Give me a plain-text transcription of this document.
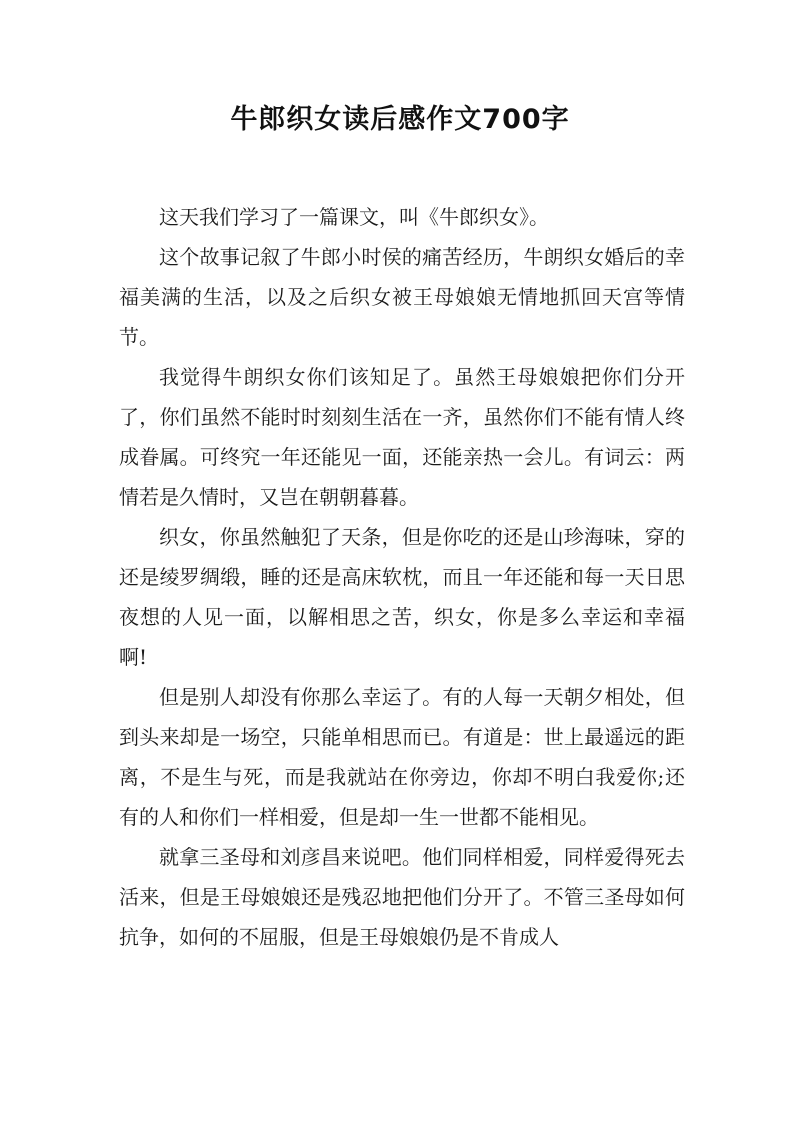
牛郎织女读后感作文700字

这天我们学习了一篇课文，叫《牛郎织女》。

这个故事记叙了牛郎小时侯的痛苦经历，牛朗织女婚后的幸福美满的生活，以及之后织女被王母娘娘无情地抓回天宫等情节。

我觉得牛朗织女你们该知足了。虽然王母娘娘把你们分开了，你们虽然不能时时刻刻生活在一齐，虽然你们不能有情人终成眷属。可终究一年还能见一面，还能亲热一会儿。有词云：两情若是久情时，又岂在朝朝暮暮。

织女，你虽然触犯了天条，但是你吃的还是山珍海味，穿的还是绫罗绸缎，睡的还是高床软枕，而且一年还能和每一天日思夜想的人见一面，以解相思之苦，织女，你是多么幸运和幸福啊!

但是别人却没有你那么幸运了。有的人每一天朝夕相处，但到头来却是一场空，只能单相思而已。有道是：世上最遥远的距离，不是生与死，而是我就站在你旁边，你却不明白我爱你;还有的人和你们一样相爱，但是却一生一世都不能相见。

就拿三圣母和刘彦昌来说吧。他们同样相爱，同样爱得死去活来，但是王母娘娘还是残忍地把他们分开了。不管三圣母如何抗争，如何的不屈服，但是王母娘娘仍是不肯成人
